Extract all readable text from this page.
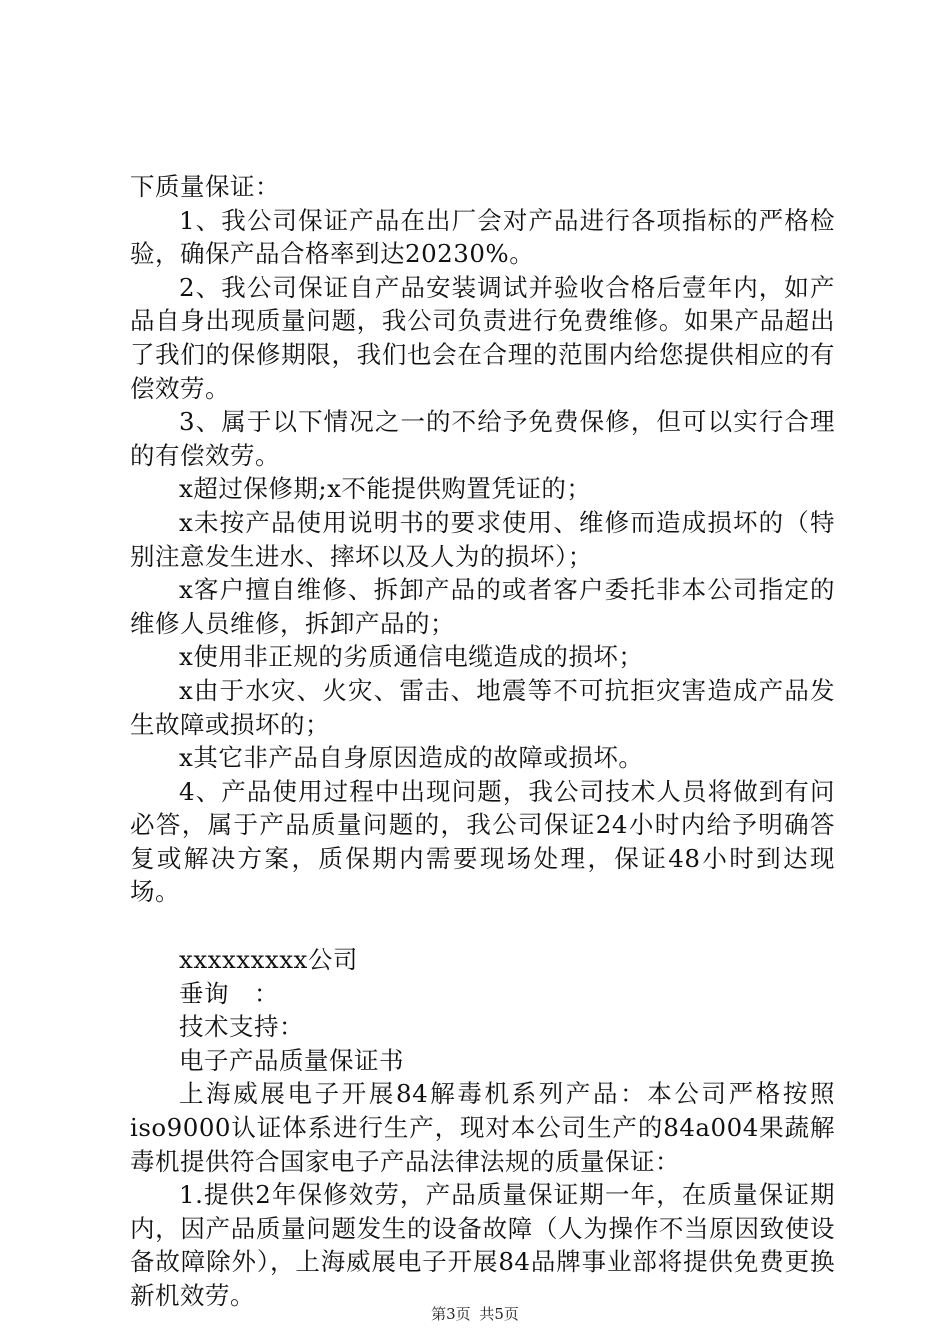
下质量保证：

1、我公司保证产品在出厂会对产品进行各项指标的严格检验，确保产品合格率到达20230%。

2、我公司保证自产品安装调试并验收合格后壹年内，如产品自身出现质量问题，我公司负责进行免费维修。如果产品超出了我们的保修期限，我们也会在合理的范围内给您提供相应的有偿效劳。

3、属于以下情况之一的不给予免费保修，但可以实行合理的有偿效劳。

x超过保修期;x不能提供购置凭证的；

x未按产品使用说明书的要求使用、维修而造成损坏的（特别注意发生进水、摔坏以及人为的损坏）；

x客户擅自维修、拆卸产品的或者客户委托非本公司指定的维修人员维修，拆卸产品的；

x使用非正规的劣质通信电缆造成的损坏；

x由于水灾、火灾、雷击、地震等不可抗拒灾害造成产品发生故障或损坏的；

x其它非产品自身原因造成的故障或损坏。

4、产品使用过程中出现问题，我公司技术人员将做到有问必答，属于产品质量问题的，我公司保证24小时内给予明确答复或解决方案，质保期内需要现场处理，保证48小时到达现场。

xxxxxxxxx公司

垂询　：

技术支持：

电子产品质量保证书

上海威展电子开展84解毒机系列产品：本公司严格按照iso9000认证体系进行生产，现对本公司生产的84a004果蔬解毒机提供符合国家电子产品法律法规的质量保证：

1.提供2年保修效劳，产品质量保证期一年，在质量保证期内，因产品质量问题发生的设备故障（人为操作不当原因致使设备故障除外），上海威展电子开展84品牌事业部将提供免费更换新机效劳。

第3页 共5页
